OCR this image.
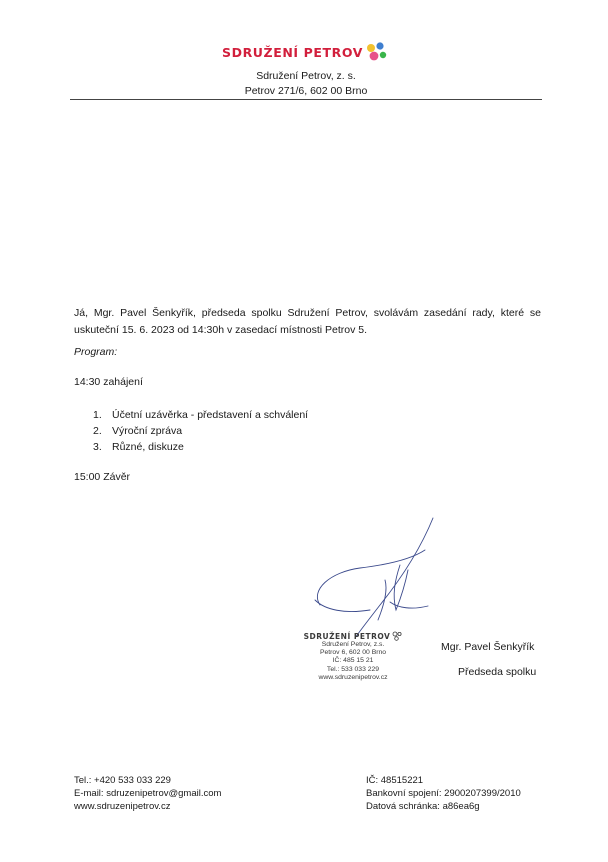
SDRUŽENÍ PETROV
Sdružení Petrov, z. s.
Petrov 271/6, 602 00 Brno
Já, Mgr. Pavel Šenkyřík, předseda spolku Sdružení Petrov, svolávám zasedání rady, které se uskuteční 15. 6. 2023 od 14:30h v zasedací místnosti Petrov 5.
Program:
14:30 zahájení
1. Účetní uzávěrka - představení a schválení
2. Výroční zpráva
3. Různé, diskuze
15:00 Závěr
SDRUŽENÍ PETROV
Sdružení Petrov, z.s.
Petrov 6, 602 00 Brno
IČ: 485 15 21
Tel.: 533 033 229
www.sdruzenipetrov.cz
Mgr. Pavel Šenkyřík
Předseda spolku
Tel.: +420 533 033 229
E-mail: sdruzenipetrov@gmail.com
www.sdruzenipetrov.cz
IČ: 48515221
Bankovní spojení: 2900207399/2010
Datová schránka: a86ea6g
